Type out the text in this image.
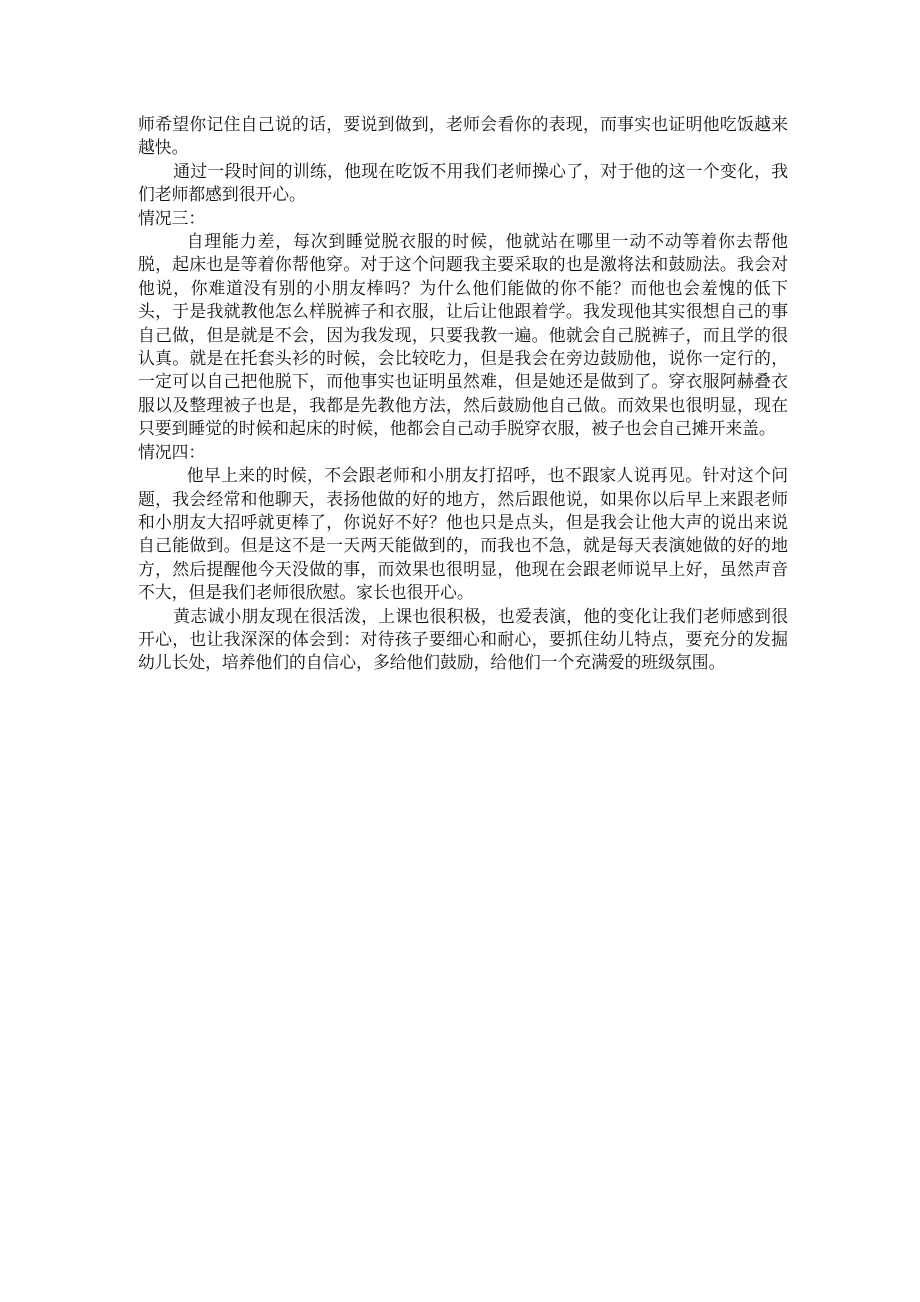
师希望你记住自己说的话，要说到做到，老师会看你的表现，而事实也证明他吃饭越来越快。

通过一段时间的训练，他现在吃饭不用我们老师操心了，对于他的这一个变化，我们老师都感到很开心。

情况三：

自理能力差，每次到睡觉脱衣服的时候，他就站在哪里一动不动等着你去帮他脱，起床也是等着你帮他穿。对于这个问题我主要采取的也是激将法和鼓励法。我会对他说，你难道没有别的小朋友棒吗？为什么他们能做的你不能？而他也会羞愧的低下头，于是我就教他怎么样脱裤子和衣服，让后让他跟着学。我发现他其实很想自己的事自己做，但是就是不会，因为我发现，只要我教一遍。他就会自己脱裤子，而且学的很认真。就是在托套头衫的时候，会比较吃力，但是我会在旁边鼓励他，说你一定行的，一定可以自己把他脱下，而他事实也证明虽然难，但是她还是做到了。穿衣服阿赫叠衣服以及整理被子也是，我都是先教他方法，然后鼓励他自己做。而效果也很明显，现在只要到睡觉的时候和起床的时候，他都会自己动手脱穿衣服，被子也会自己摊开来盖。

情况四：

他早上来的时候，不会跟老师和小朋友打招呼，也不跟家人说再见。针对这个问题，我会经常和他聊天，表扬他做的好的地方，然后跟他说，如果你以后早上来跟老师和小朋友大招呼就更棒了，你说好不好？他也只是点头，但是我会让他大声的说出来说自己能做到。但是这不是一天两天能做到的，而我也不急，就是每天表演她做的好的地方，然后提醒他今天没做的事，而效果也很明显，他现在会跟老师说早上好，虽然声音不大，但是我们老师很欣慰。家长也很开心。

黄志诚小朋友现在很活泼，上课也很积极，也爱表演，他的变化让我们老师感到很开心，也让我深深的体会到：对待孩子要细心和耐心，要抓住幼儿特点，要充分的发掘幼儿长处，培养他们的自信心，多给他们鼓励，给他们一个充满爱的班级氛围。
